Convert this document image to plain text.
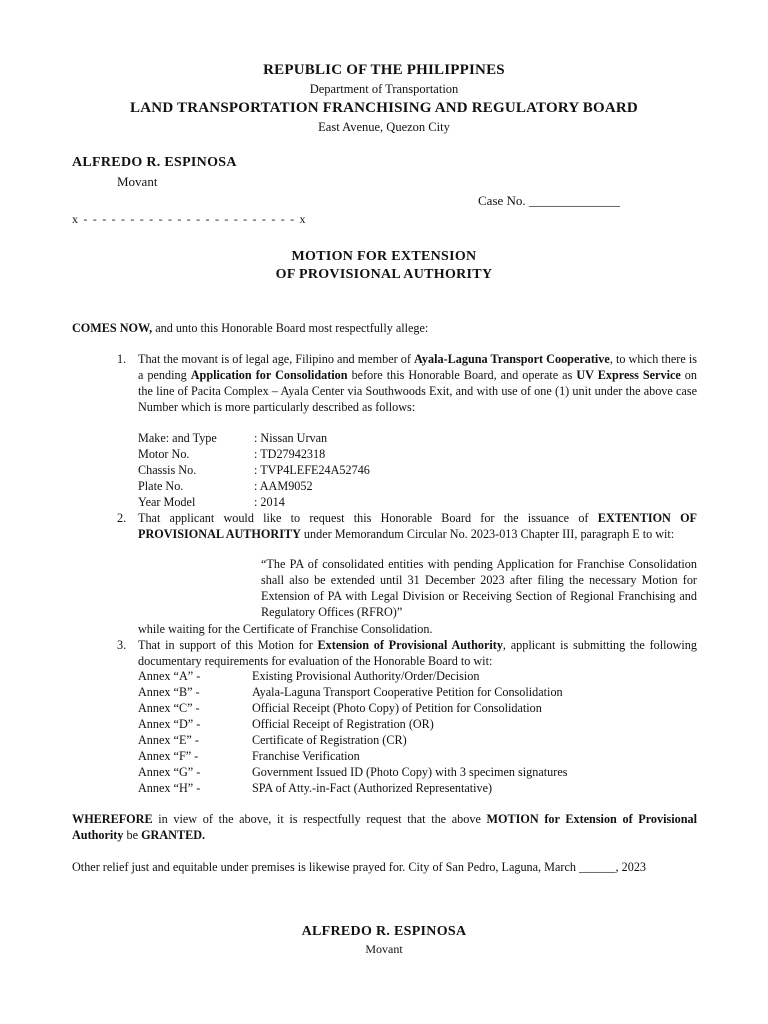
REPUBLIC OF THE PHILIPPINES
Department of Transportation
LAND TRANSPORTATION FRANCHISING AND REGULATORY BOARD
East Avenue, Quezon City
ALFREDO R. ESPINOSA
Movant
Case No. ______________
x - - - - - - - - - - - - - - - - - - - - - - - x
MOTION FOR EXTENSION
OF PROVISIONAL AUTHORITY
COMES NOW, and unto this Honorable Board most respectfully allege:
1. That the movant is of legal age, Filipino and member of Ayala-Laguna Transport Cooperative, to which there is a pending Application for Consolidation before this Honorable Board, and operate as UV Express Service on the line of Pacita Complex – Ayala Center via Southwoods Exit, and with use of one (1) unit under the above case Number which is more particularly described as follows:
Make: and Type	: Nissan Urvan
Motor No.	: TD27942318
Chassis No.	: TVP4LEFE24A52746
Plate No.	: AAM9052
Year Model	: 2014
2. That applicant would like to request this Honorable Board for the issuance of EXTENTION OF PROVISIONAL AUTHORITY under Memorandum Circular No. 2023-013 Chapter III, paragraph E to wit:
“The PA of consolidated entities with pending Application for Franchise Consolidation shall also be extended until 31 December 2023 after filing the necessary Motion for Extension of PA with Legal Division or Receiving Section of Regional Franchising and Regulatory Offices (RFRO)”
while waiting for the Certificate of Franchise Consolidation.
3. That in support of this Motion for Extension of Provisional Authority, applicant is submitting the following documentary requirements for evaluation of the Honorable Board to wit:
Annex “A” -	Existing Provisional Authority/Order/Decision
Annex “B” -	Ayala-Laguna Transport Cooperative Petition for Consolidation
Annex “C” -	Official Receipt (Photo Copy) of Petition for Consolidation
Annex “D” -	Official Receipt of Registration (OR)
Annex “E” -	Certificate of Registration (CR)
Annex “F” -	Franchise Verification
Annex “G” -	Government Issued ID (Photo Copy) with 3 specimen signatures
Annex “H” -	SPA of Atty.-in-Fact (Authorized Representative)
WHEREFORE in view of the above, it is respectfully request that the above MOTION for Extension of Provisional Authority be GRANTED.
Other relief just and equitable under premises is likewise prayed for. City of San Pedro, Laguna, March ______, 2023
ALFREDO R. ESPINOSA
Movant
